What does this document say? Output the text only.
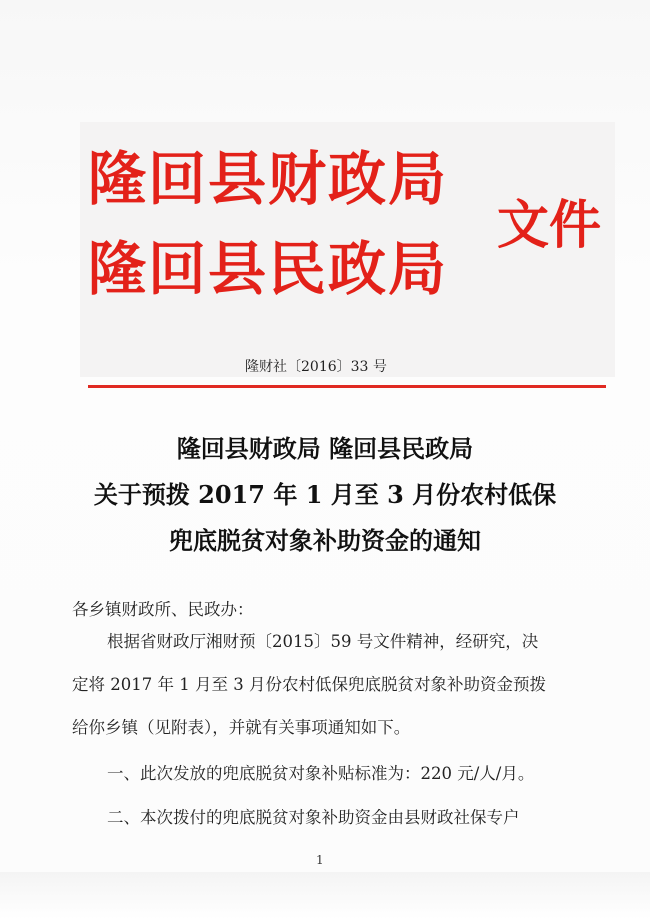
隆回县财政局
隆回县民政局
文件
隆财社〔2016〕33 号
隆回县财政局 隆回县民政局
关于预拨 2017 年 1 月至 3 月份农村低保
兜底脱贫对象补助资金的通知
各乡镇财政所、民政办：
根据省财政厅湘财预〔2015〕59 号文件精神，经研究，决
定将 2017 年 1 月至 3 月份农村低保兜底脱贫对象补助资金预拨
给你乡镇（见附表），并就有关事项通知如下。
一、此次发放的兜底脱贫对象补贴标准为：220 元/人/月。
二、本次拨付的兜底脱贫对象补助资金由县财政社保专户
1
